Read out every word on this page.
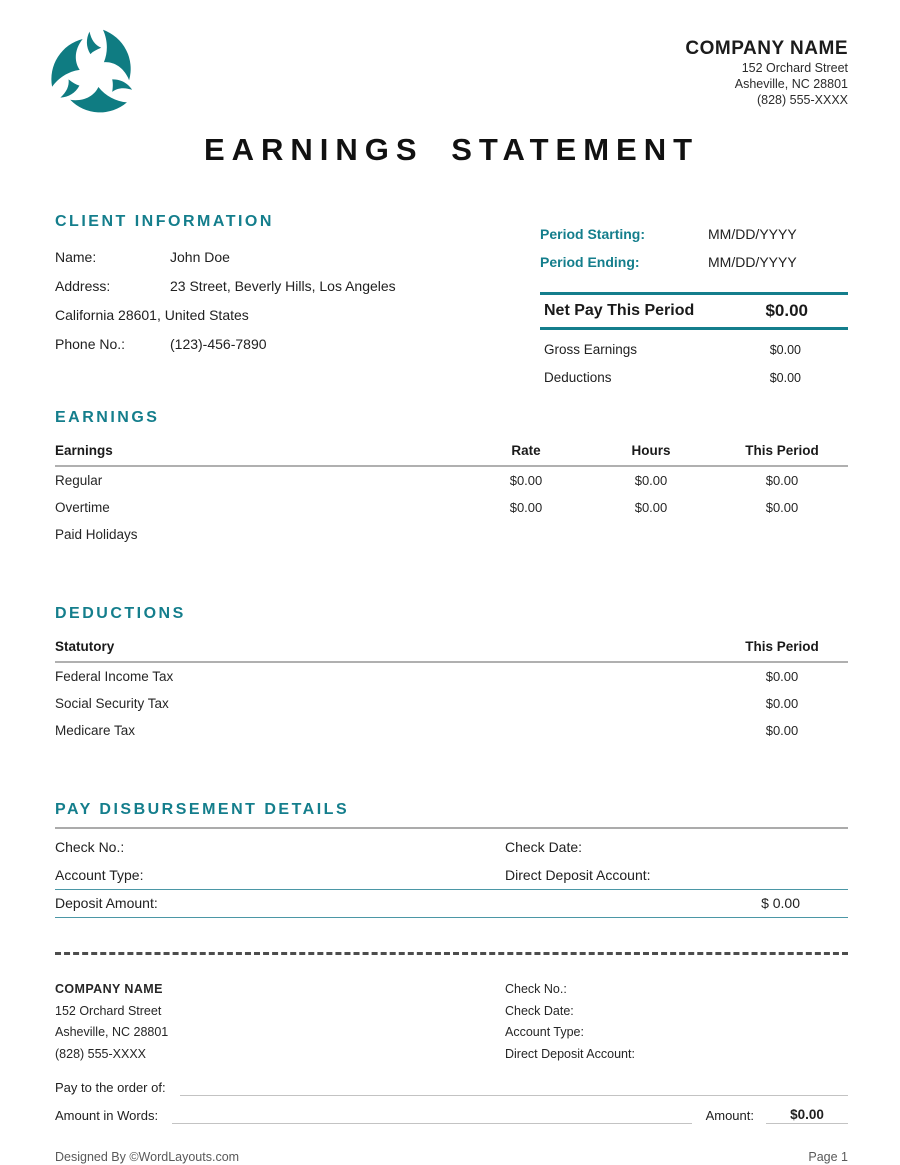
COMPANY NAME
152 Orchard Street
Asheville, NC 28801
(828) 555-XXXX
EARNINGS STATEMENT
CLIENT INFORMATION
Name:	John Doe
Address:	23 Street, Beverly Hills, Los Angeles
California 28601, United States
Phone No.:	(123)-456-7890
Period Starting:	MM/DD/YYYY
Period Ending:	MM/DD/YYYY
Net Pay This Period	$0.00
Gross Earnings	$0.00
Deductions	$0.00
EARNINGS
Earnings	Rate	Hours	This Period
Regular	$0.00	$0.00	$0.00
Overtime	$0.00	$0.00	$0.00
Paid Holidays
DEDUCTIONS
Statutory	This Period
Federal Income Tax	$0.00
Social Security Tax	$0.00
Medicare Tax	$0.00
PAY DISBURSEMENT DETAILS
Check No.:	Check Date:
Account Type:	Direct Deposit Account:
Deposit Amount:	$ 0.00
COMPANY NAME
152 Orchard Street
Asheville, NC 28801
(828) 555-XXXX
Check No.:
Check Date:
Account Type:
Direct Deposit Account:
Pay to the order of:
Amount in Words:	Amount:	$0.00
Designed By ©WordLayouts.com	Page 1
